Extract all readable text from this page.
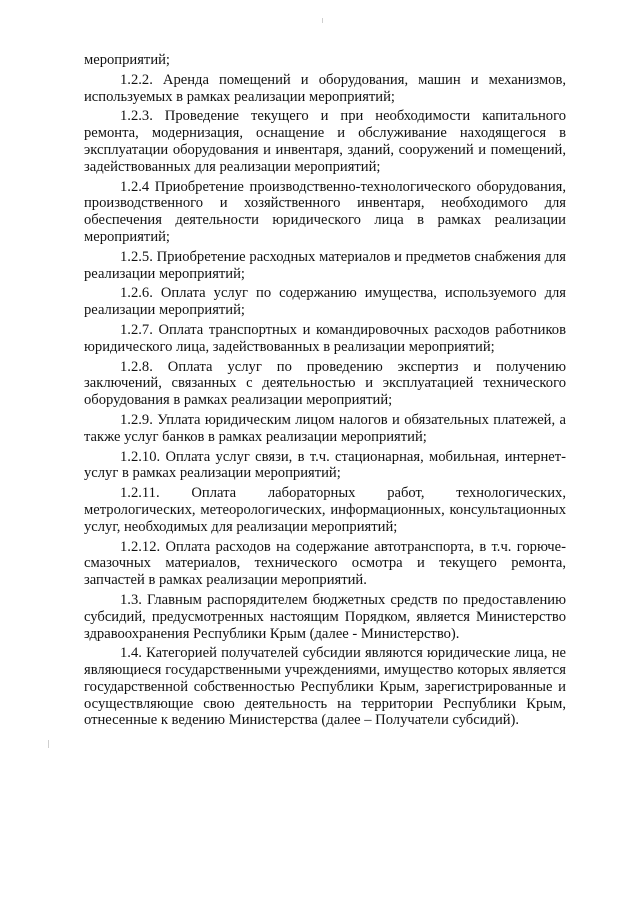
мероприятий;

1.2.2. Аренда помещений и оборудования, машин и механизмов, используемых в рамках реализации мероприятий;

1.2.3. Проведение текущего и при необходимости капитального ремонта, модернизация, оснащение и обслуживание находящегося в эксплуатации оборудования и инвентаря, зданий, сооружений и помещений, задействованных для реализации мероприятий;

1.2.4 Приобретение производственно-технологического оборудования, производственного и хозяйственного инвентаря, необходимого для обеспечения деятельности юридического лица в рамках реализации мероприятий;

1.2.5. Приобретение расходных материалов и предметов снабжения для реализации мероприятий;

1.2.6. Оплата услуг по содержанию имущества, используемого для реализации мероприятий;

1.2.7. Оплата транспортных и командировочных расходов работников юридического лица, задействованных в реализации мероприятий;

1.2.8. Оплата услуг по проведению экспертиз и получению заключений, связанных с деятельностью и эксплуатацией технического оборудования в рамках реализации мероприятий;

1.2.9. Уплата юридическим лицом налогов и обязательных платежей, а также услуг банков в рамках реализации мероприятий;

1.2.10. Оплата услуг связи, в т.ч. стационарная, мобильная, интернет-услуг в рамках реализации мероприятий;

1.2.11. Оплата лабораторных работ, технологических, метрологических, метеорологических, информационных, консультационных услуг, необходимых для реализации мероприятий;

1.2.12. Оплата расходов на содержание автотранспорта, в т.ч. горюче-смазочных материалов, технического осмотра и текущего ремонта, запчастей в рамках реализации мероприятий.

1.3. Главным распорядителем бюджетных средств по предоставлению субсидий, предусмотренных настоящим Порядком, является Министерство здравоохранения Республики Крым (далее - Министерство).

1.4. Категорией получателей субсидии являются юридические лица, не являющиеся государственными учреждениями, имущество которых является государственной собственностью Республики Крым, зарегистрированные и осуществляющие свою деятельность на территории Республики Крым, отнесенные к ведению Министерства (далее – Получатели субсидий).
